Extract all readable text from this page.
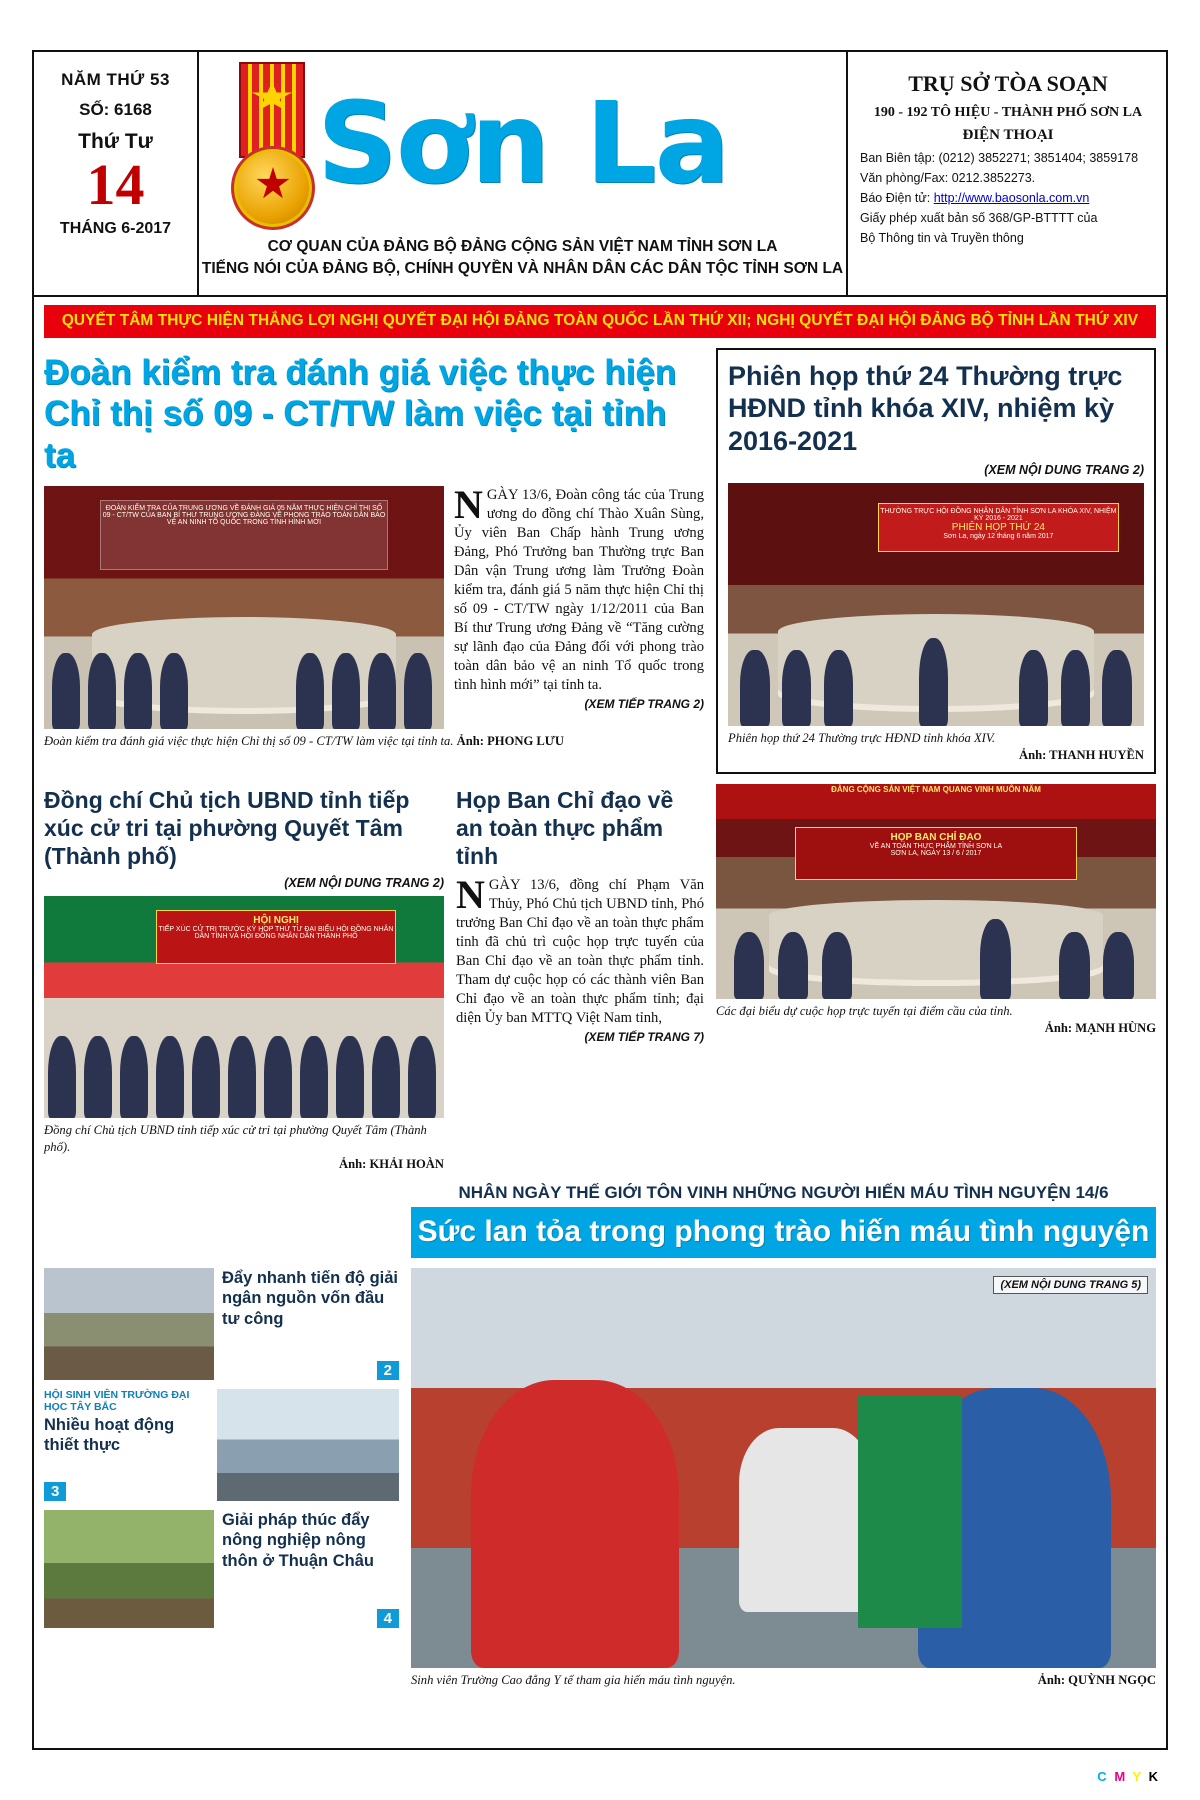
NĂM THỨ 53
SỐ: 6168
Thứ Tư
14
THÁNG 6-2017
Sơn La
CƠ QUAN CỦA ĐẢNG BỘ ĐẢNG CỘNG SẢN VIỆT NAM TỈNH SƠN LA
TIẾNG NÓI CỦA ĐẢNG BỘ, CHÍNH QUYỀN VÀ NHÂN DÂN CÁC DÂN TỘC TỈNH SƠN LA
TRỤ SỞ TÒA SOẠN
190 - 192 TÔ HIỆU - THÀNH PHỐ SƠN LA
ĐIỆN THOẠI
Ban Biên tập: (0212) 3852271; 3851404; 3859178
Văn phòng/Fax: 0212.3852273.
Báo Điện tử: http://www.baosonla.com.vn
Giấy phép xuất bản số 368/GP-BTTTT của
Bộ Thông tin và Truyền thông
QUYẾT TÂM THỰC HIỆN THẮNG LỢI NGHỊ QUYẾT ĐẠI HỘI ĐẢNG TOÀN QUỐC LẦN THỨ XII; NGHỊ QUYẾT ĐẠI HỘI ĐẢNG BỘ TỈNH LẦN THỨ XIV
Đoàn kiểm tra đánh giá việc thực hiện Chỉ thị số 09 - CT/TW làm việc tại tỉnh ta
ĐOÀN KIỂM TRA CỦA TRUNG ƯƠNG VỀ ĐÁNH GIÁ 05 NĂM THỰC HIỆN CHỈ THỊ SỐ 09 - CT/TW CỦA BAN BÍ THƯ TRUNG ƯƠNG ĐẢNG VỀ PHONG TRÀO TOÀN DÂN BẢO VỆ AN NINH TỔ QUỐC TRONG TÌNH HÌNH MỚI	NGÀY 13/6, Đoàn công tác của Trung ương do đồng chí Thào Xuân Sùng, Ủy viên Ban Chấp hành Trung ương Đảng, Phó Trưởng ban Thường trực Ban Dân vận Trung ương làm Trưởng Đoàn kiểm tra, đánh giá 5 năm thực hiện Chỉ thị số 09 - CT/TW ngày 1/12/2011 của Ban Bí thư Trung ương Đảng về “Tăng cường sự lãnh đạo của Đảng đối với phong trào toàn dân bảo vệ an ninh Tổ quốc trong tình hình mới” tại tỉnh ta.
(XEM TIẾP TRANG 2)
Đoàn kiểm tra đánh giá việc thực hiện Chỉ thị số 09 - CT/TW làm việc tại tỉnh ta. Ảnh: PHONG LƯU
Phiên họp thứ 24 Thường trực HĐND tỉnh khóa XIV, nhiệm kỳ 2016-2021
(XEM NỘI DUNG TRANG 2)
THƯỜNG TRỰC HỘI ĐỒNG NHÂN DÂN TỈNH SƠN LA KHÓA XIV, NHIỆM KỲ 2016 - 2021
PHIÊN HỌP THỨ 24
Sơn La, ngày 12 tháng 6 năm 2017
Phiên họp thứ 24 Thường trực HĐND tỉnh khóa XIV.
Ảnh: THANH HUYỀN
Đồng chí Chủ tịch UBND tỉnh tiếp xúc cử tri tại phường Quyết Tâm (Thành phố)
(XEM NỘI DUNG TRANG 2)
HỘI NGHỊ
TIẾP XÚC CỬ TRI TRƯỚC KỲ HỌP THỨ TƯ ĐẠI BIỂU HỘI ĐỒNG NHÂN DÂN TỈNH VÀ HỘI ĐỒNG NHÂN DÂN THÀNH PHỐ
Đồng chí Chủ tịch UBND tỉnh tiếp xúc cử tri tại phường Quyết Tâm (Thành phố).
Ảnh: KHẢI HOÀN
Họp Ban Chỉ đạo về an toàn thực phẩm tỉnh
NGÀY 13/6, đồng chí Phạm Văn Thủy, Phó Chủ tịch UBND tỉnh, Phó trưởng Ban Chỉ đạo về an toàn thực phẩm tỉnh đã chủ trì cuộc họp trực tuyến của Ban Chỉ đạo về an toàn thực phẩm tỉnh. Tham dự cuộc họp có các thành viên Ban Chỉ đạo về an toàn thực phẩm tỉnh; đại diện Ủy ban MTTQ Việt Nam tỉnh,
(XEM TIẾP TRANG 7)
ĐẢNG CỘNG SẢN VIỆT NAM QUANG VINH MUÔN NĂM
HỌP BAN CHỈ ĐẠO
VỀ AN TOÀN THỰC PHẨM TỈNH SƠN LA
SƠN LA, NGÀY 13 / 6 / 2017
Các đại biểu dự cuộc họp trực tuyến tại điểm cầu của tỉnh.
Ảnh: MẠNH HÙNG
NHÂN NGÀY THẾ GIỚI TÔN VINH NHỮNG NGƯỜI HIẾN MÁU TÌNH NGUYỆN 14/6
Sức lan tỏa trong phong trào hiến máu tình nguyện
Đẩy nhanh tiến độ giải ngân nguồn vốn đầu tư công
2
HỘI SINH VIÊN TRƯỜNG ĐẠI HỌC TÂY BẮC
Nhiều hoạt động thiết thực
3
Giải pháp thúc đẩy nông nghiệp nông thôn ở Thuận Châu
4
(XEM NỘI DUNG TRANG 5)
Sinh viên Trường Cao đẳng Y tế tham gia hiến máu tình nguyện.	Ảnh: QUỲNH NGỌC
C M Y K
